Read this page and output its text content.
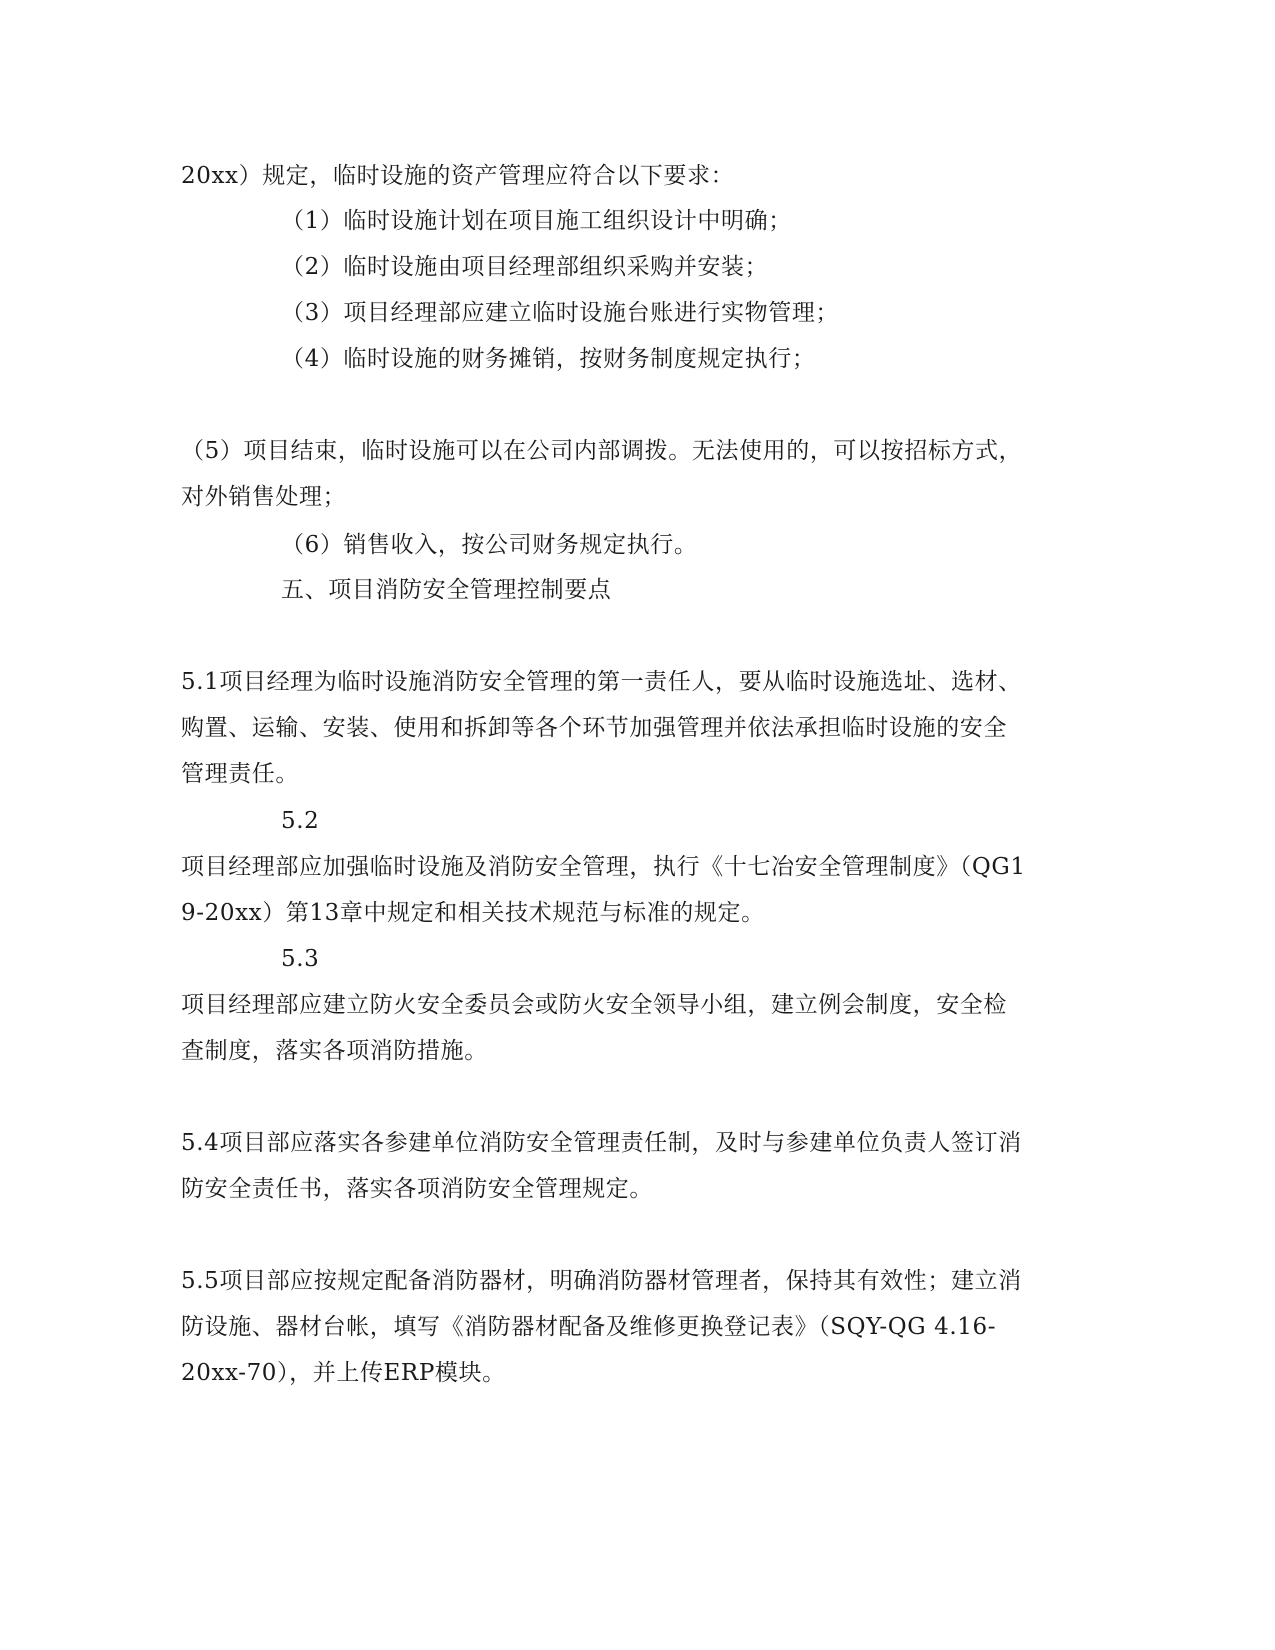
20xx）规定，临时设施的资产管理应符合以下要求：
（1）临时设施计划在项目施工组织设计中明确；
（2）临时设施由项目经理部组织采购并安装；
（3）项目经理部应建立临时设施台账进行实物管理；
（4）临时设施的财务摊销，按财务制度规定执行；
（5）项目结束，临时设施可以在公司内部调拨。无法使用的，可以按招标方式，
对外销售处理；
（6）销售收入，按公司财务规定执行。
五、项目消防安全管理控制要点
5.1项目经理为临时设施消防安全管理的第一责任人，要从临时设施选址、选材、
购置、运输、安装、使用和拆卸等各个环节加强管理并依法承担临时设施的安全
管理责任。
5.2
项目经理部应加强临时设施及消防安全管理，执行《十七冶安全管理制度》（QG1
9-20xx）第13章中规定和相关技术规范与标准的规定。
5.3
项目经理部应建立防火安全委员会或防火安全领导小组，建立例会制度，安全检
查制度，落实各项消防措施。
5.4项目部应落实各参建单位消防安全管理责任制，及时与参建单位负责人签订消
防安全责任书，落实各项消防安全管理规定。
5.5项目部应按规定配备消防器材，明确消防器材管理者，保持其有效性；建立消
防设施、器材台帐，填写《消防器材配备及维修更换登记表》（SQY-QG 4.16-
20xx-70），并上传ERP模块。
